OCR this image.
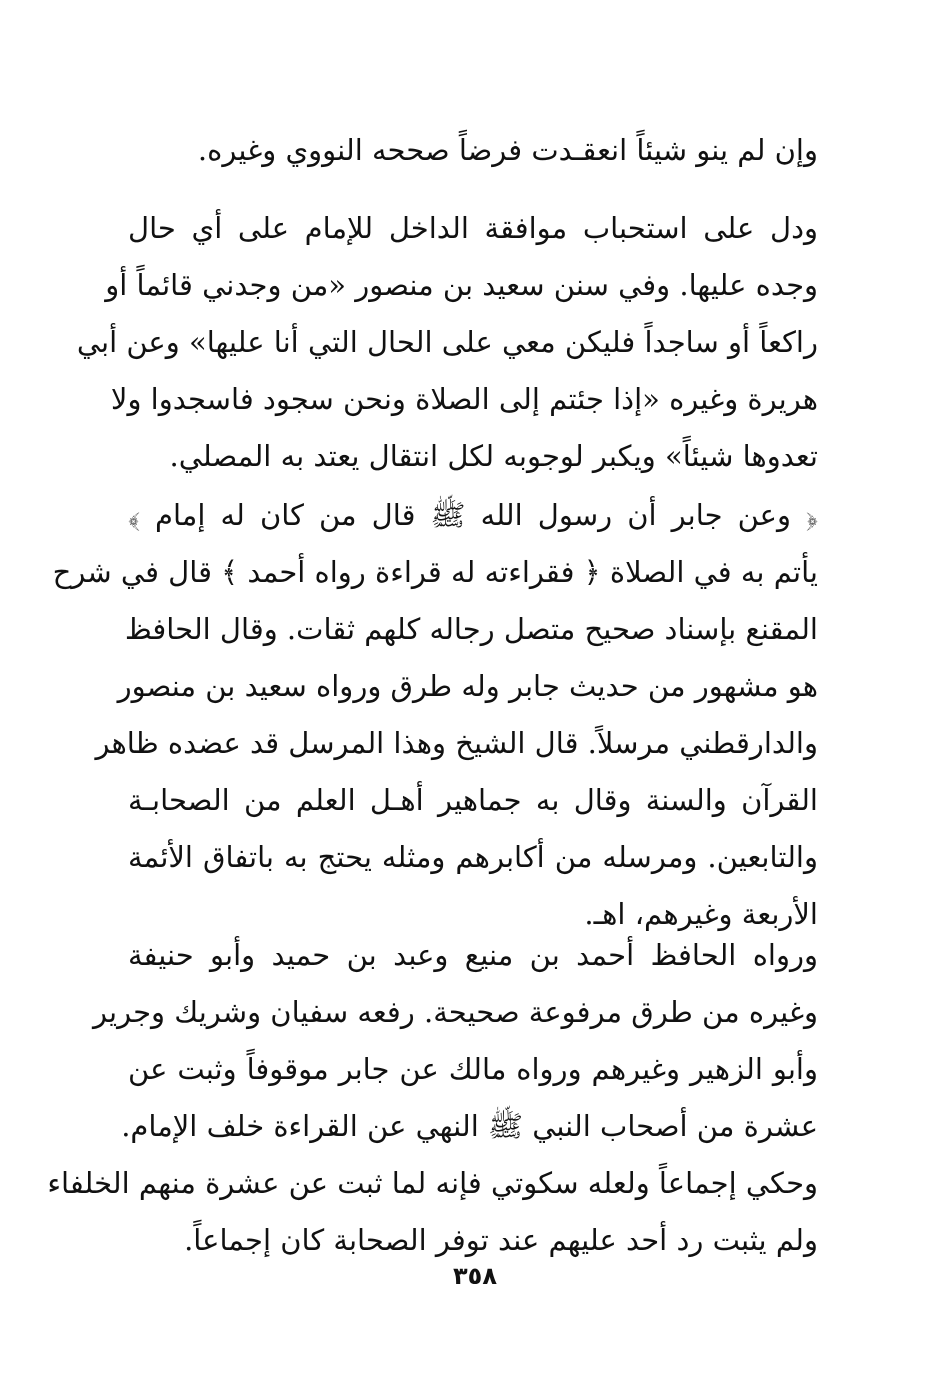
وإن لم ينو شيئاً انعقـدت فرضاً صححه النووي وغيره.
ودل على استحباب موافقة الداخل للإمام على أي حال
وجده عليها. وفي سنن سعيد بن منصور «من وجدني قائماً أو
راكعاً أو ساجداً فليكن معي على الحال التي أنا عليها» وعن أبي
هريرة وغيره «إذا جئتم إلى الصلاة ونحن سجود فاسجدوا ولا
تعدوها شيئاً» ويكبر لوجوبه لكل انتقال يعتد به المصلي.
﴿ وعن جابر أن رسول الله ﷺ قال من كان له إمام ﴾
يأتم به في الصلاة ﴿ فقراءته له قراءة رواه أحمد ﴾ قال في شرح
المقنع بإسناد صحيح متصل رجاله كلهم ثقات. وقال الحافظ
هو مشهور من حديث جابر وله طرق ورواه سعيد بن منصور
والدارقطني مرسلاً. قال الشيخ وهذا المرسل قد عضده ظاهر
القرآن والسنة وقال به جماهير أهـل العلم من الصحابـة
والتابعين. ومرسله من أكابرهم ومثله يحتج به باتفاق الأئمة
الأربعة وغيرهم، اهـ.
ورواه الحافظ أحمد بن منيع وعبد بن حميد وأبو حنيفة
وغيره من طرق مرفوعة صحيحة. رفعه سفيان وشريك وجرير
وأبو الزهير وغيرهم ورواه مالك عن جابر موقوفاً وثبت عن
عشرة من أصحاب النبي ﷺ النهي عن القراءة خلف الإمام.
وحكي إجماعاً ولعله سكوتي فإنه لما ثبت عن عشرة منهم الخلفاء
ولم يثبت رد أحد عليهم عند توفر الصحابة كان إجماعاً.
٣٥٨
